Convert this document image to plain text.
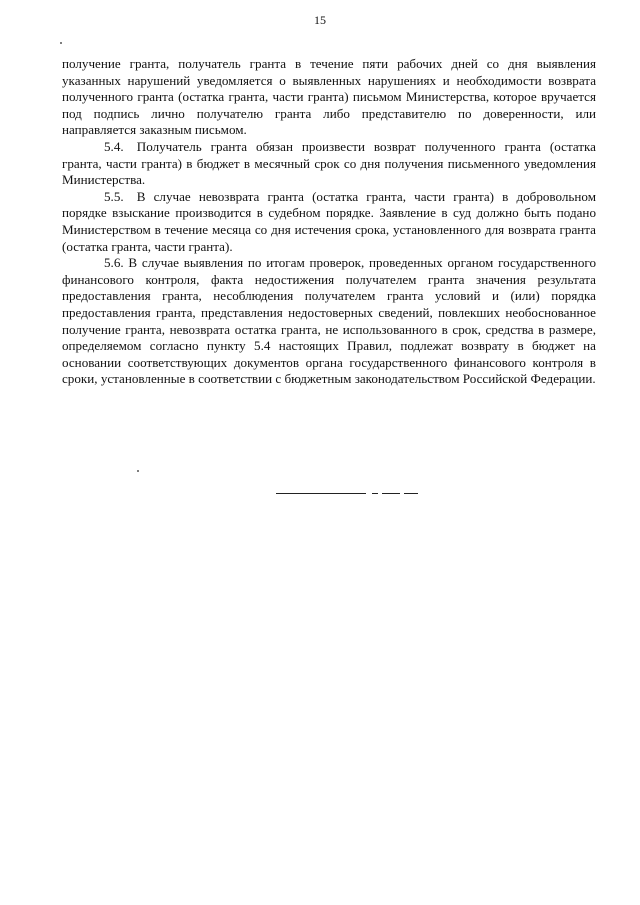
15

получение гранта, получатель гранта в течение пяти рабочих дней со дня выявления указанных нарушений уведомляется о выявленных нарушениях и необходимости возврата полученного гранта (остатка гранта, части гранта) письмом Министерства, которое вручается под подпись лично получателю гранта либо представителю по доверенности, или направляется заказным письмом.

5.4. Получатель гранта обязан произвести возврат полученного гранта (остатка гранта, части гранта) в бюджет в месячный срок со дня получения письменного уведомления Министерства.

5.5. В случае невозврата гранта (остатка гранта, части гранта) в добровольном порядке взыскание производится в судебном порядке. Заявление в суд должно быть подано Министерством в течение месяца со дня истечения срока, установленного для возврата гранта (остатка гранта, части гранта).

5.6. В случае выявления по итогам проверок, проведенных органом государственного финансового контроля, факта недостижения получателем гранта значения результата предоставления гранта, несоблюдения получателем гранта условий и (или) порядка предоставления гранта, представления недостоверных сведений, повлекших необоснованное получение гранта, невозврата остатка гранта, не использованного в срок, средства в размере, определяемом согласно пункту 5.4 настоящих Правил, подлежат возврату в бюджет на основании соответствующих документов органа государственного финансового контроля в сроки, установленные в соответствии с бюджетным законодательством Российской Федерации.
